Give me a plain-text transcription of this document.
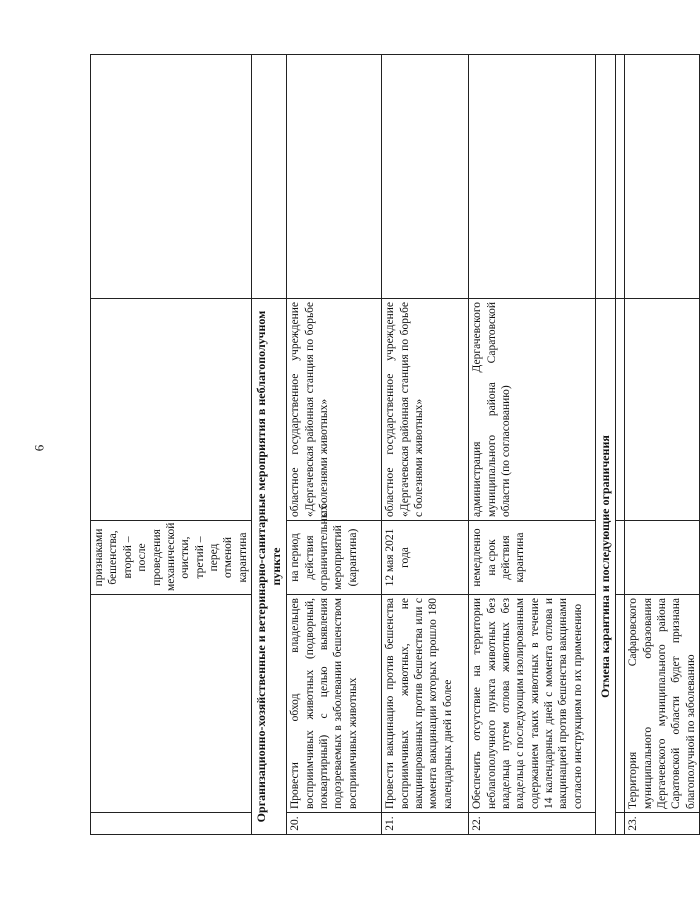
6
		признаками бешенства, второй – после проведения механической очистки, третий – перед отменой карантина		
Организационно-хозяйственные и ветеринарно-санитарные мероприятия в неблагополучном пункте				
20.	Провести обход владельцев восприимчивых животных (подворный, поквартирный) с целью выявления подозреваемых в заболевании бешенством восприимчивых животных	на период действия ограничительных мероприятий (карантина)	областное государственное учреждение «Дергачевская районная станция по борьбе с болезнями животных»	
21.	Провести вакцинацию против бешенства восприимчивых животных, не вакцинированных против бешенства или с момента вакцинации которых прошло 180 календарных дней и более	12 мая 2021 года	областное государственное учреждение «Дергачевская районная станция по борьбе с болезнями животных»	
22.	Обеспечить отсутствие на территории неблагополучного пункта животных без владельца путем отлова животных без владельца с последующим изолированным содержанием таких животных в течение 14 календарных дней с момента отлова и вакцинацией против бешенства вакцинами согласно инструкциям по их применению	немедленно на срок действия карантина	администрация Дергачевского муниципального района Саратовской области (по согласованию)	
Отмена карантина и последующие ограничения				

23.	Территория Сафаровского муниципального образования Дергачевского муниципального района Саратовской области будет признана благополучной по заболеванию			
